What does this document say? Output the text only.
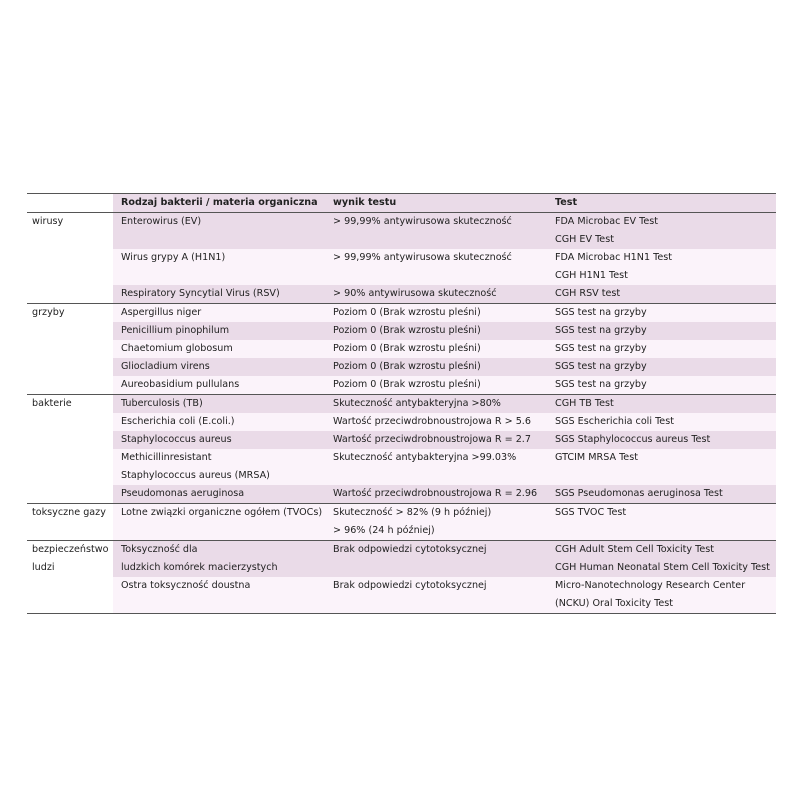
	Rodzaj bakterii / materia organiczna	wynik testu	Test

wirusy	Enterowirus (EV)	> 99,99% antywirusowa skuteczność	FDA Microbac EV Test
CGH EV Test

	Wirus grypy A (H1N1)	> 99,99% antywirusowa skuteczność	FDA Microbac H1N1 Test
CGH H1N1 Test

	Respiratory Syncytial Virus (RSV)	> 90% antywirusowa skuteczność	CGH RSV test

grzyby	Aspergillus niger	Poziom 0 (Brak wzrostu pleśni)	SGS test na grzyby

	Penicillium pinophilum	Poziom 0 (Brak wzrostu pleśni)	SGS test na grzyby

	Chaetomium globosum	Poziom 0 (Brak wzrostu pleśni)	SGS test na grzyby

	Gliocladium virens	Poziom 0 (Brak wzrostu pleśni)	SGS test na grzyby

	Aureobasidium pullulans	Poziom 0 (Brak wzrostu pleśni)	SGS test na grzyby

bakterie	Tuberculosis (TB)	Skuteczność antybakteryjna >80%	CGH TB Test

	Escherichia coli (E.coli.)	Wartość przeciwdrobnoustrojowa R > 5.6	SGS Escherichia coli Test

	Staphylococcus aureus	Wartość przeciwdrobnoustrojowa R = 2.7	SGS Staphylococcus aureus Test

	Methicillinresistant
Staphylococcus aureus (MRSA)	Skuteczność antybakteryjna >99.03%	GTCIM MRSA Test

	Pseudomonas aeruginosa	Wartość przeciwdrobnoustrojowa R = 2.96	SGS Pseudomonas aeruginosa Test

toksyczne gazy	Lotne związki organiczne ogółem (TVOCs)	Skuteczność > 82% (9 h później)
> 96% (24 h później)	SGS TVOC Test

bezpieczeństwo
ludzi	Toksyczność dla
ludzkich komórek macierzystych	Brak odpowiedzi cytotoksycznej	CGH Adult Stem Cell Toxicity Test
CGH Human Neonatal Stem Cell Toxicity Test

	Ostra toksyczność doustna	Brak odpowiedzi cytotoksycznej	Micro-Nanotechnology Research Center
(NCKU) Oral Toxicity Test
